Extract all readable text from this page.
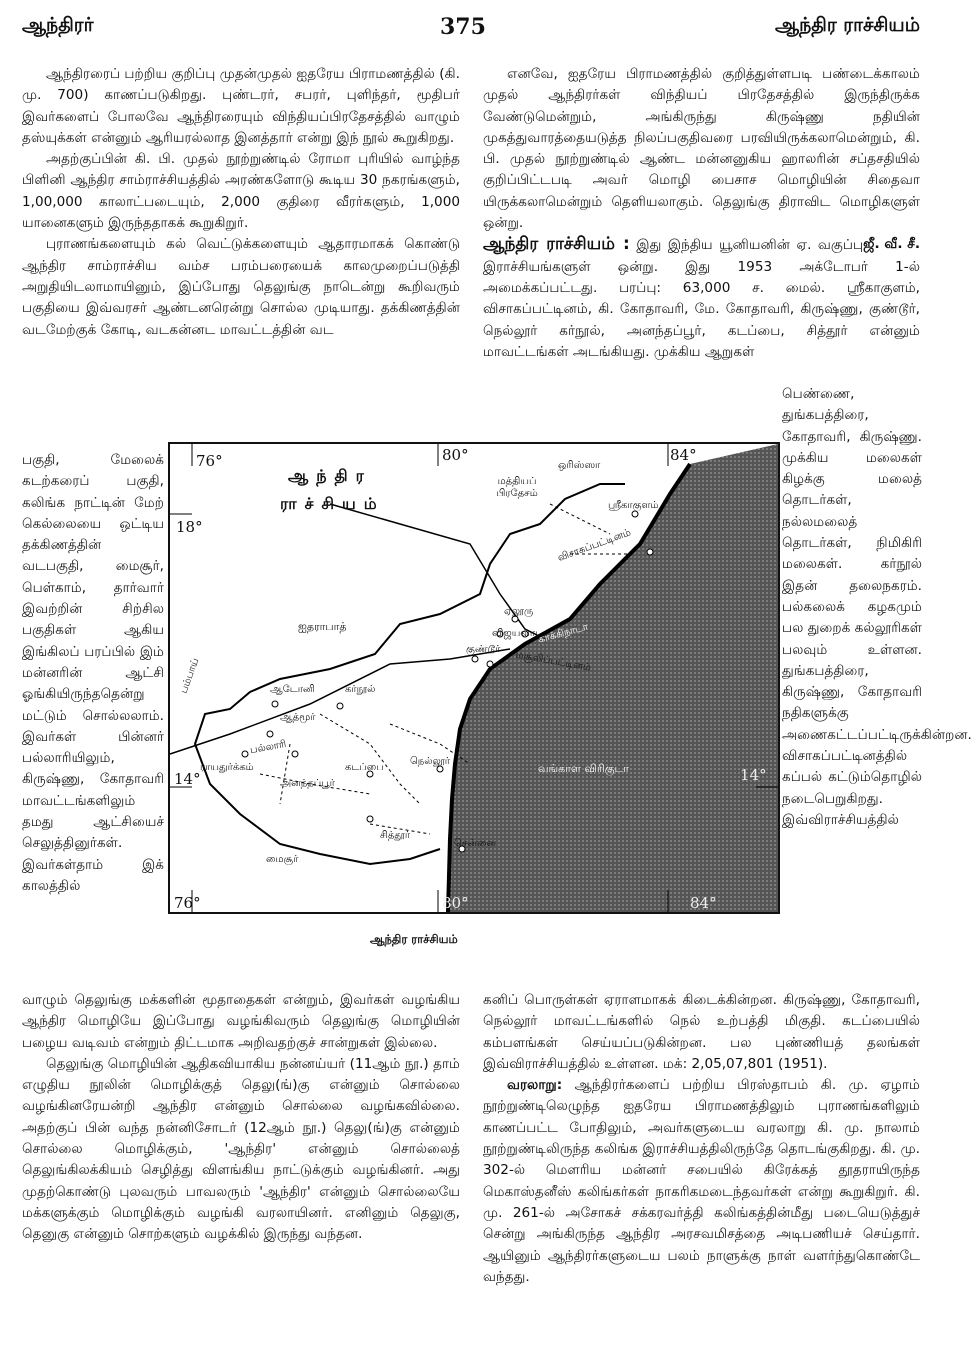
ஆந்திரர்	375	ஆந்திர ராச்சியம்

ஆந்திரரைப் பற்றிய குறிப்பு முதன்முதல் ஐதரேய பிராமணத்தில் (கி. மு. 700) காணப்படுகிறது. புண்டரர், சபரர், புளிந்தர், மூதிபர் இவர்களைப் போலவே ஆந்திரரையும் விந்தியப்பிரதேசத்தில் வாழும் தஸ்யுக்கள் என்னும் ஆரியரல்லாத இனத்தார் என்று இந் நூல் கூறுகிறது.

அதற்குப்பின் கி. பி. முதல் நூற்றுண்டில் ரோமா புரியில் வாழ்ந்த பிளினி ஆந்திர சாம்ராச்சியத்தில் அரண்களோடு கூடிய 30 நகரங்களும், 1,00,000 காலாட்படையும், 2,000 குதிரை வீரர்களும், 1,000 யானைகளும் இருந்ததாகக் கூறுகிறுர்.

புராணங்களையும் கல் வெட்டுக்களையும் ஆதாரமாகக் கொண்டு ஆந்திர சாம்ராச்சிய வம்ச பரம்பரையைக் காலமுறைப்படுத்தி அறுதியிடலாமாயினும், இப்போது தெலுங்கு நாடென்று கூறிவரும் பகுதியை இவ்வரசர் ஆண்டனரென்று சொல்ல முடியாது. தக்கிணத்தின் வடமேற்குக் கோடி, வடகன்னட மாவட்டத்தின் வட

பகுதி, மேலைக் கடற்கரைப் பகுதி, கலிங்க நாட்டின் மேற் கெல்லையை ஒட்டிய தக்கிணத்தின் வடபகுதி, மைசூர், பெள்காம், தார்வார் இவற்றின் சிற்சில பகுதிகள் ஆகிய இங்கிலப் பரப்பில் இம் மன்னரின் ஆட்சி ஓங்கியிருந்ததென்று மட்டும் சொல்லலாம். இவர்கள் பின்னர் பல்லாரியிலும், கிருஷ்ணு, கோதாவரி மாவட்டங்களிலும் தமது ஆட்சியைச் செலுத்தினுர்கள். இவர்கள்தாம் இக் காலத்தில்

எனவே, ஐதரேய பிராமணத்தில் குறித்துள்ளபடி பண்டைக்காலம் முதல் ஆந்திரர்கள் விந்தியப் பிரதேசத்தில் இருந்திருக்க வேண்டுமென்றும், அங்கிருந்து கிருஷ்ணு நதியின் முகத்துவாரத்தையடுத்த நிலப்பகுதிவரை பரவியிருக்கலாமென்றும், கி. பி. முதல் நூற்றுண்டில் ஆண்ட மன்னனுகிய ஹாலரின் சப்தசதியில் குறிப்பிட்டபடி அவர் மொழி பைசாச மொழியின் சிதைவா யிருக்கலாமென்றும் தெளியலாகும். தெலுங்கு திராவிட மொழிகளுள் ஒன்று.

ஜீ. வீ. சீ.

ஆந்திர ராச்சியம் : இது இந்திய யூனியனின் ஏ. வகுப்பு இராச்சியங்களுள் ஒன்று. இது 1953 அக்டோபர் 1-ல் அமைக்கப்பட்டது. பரப்பு: 63,000 ச. மைல். ஸ்ரீகாகுளம், விசாகப்பட்டினம், கி. கோதாவரி, மே. கோதாவரி, கிருஷ்ணு, குண்டூர், நெல்லூர் கர்நூல், அனந்தப்பூர், கடப்பை, சித்தூர் என்னும் மாவட்டங்கள் அடங்கியது. முக்கிய ஆறுகள்

பெண்ணை, துங்கபத்திரை, கோதாவரி, கிருஷ்ணு. முக்கிய மலைகள் கிழக்கு மலைத் தொடர்கள், நல்லமலைத் தொடர்கள், நிமிகிரி மலைகள். கர்நூல் இதன் தலைநகரம். பல்கலைக் கழகமும் பல துறைக் கல்லூரிகள் பலவும் உள்ளன. துங்கபத்திரை, கிருஷ்ணு, கோதாவரி நதிகளுக்கு அணைகட்டப்பட்டிருக்கின்றன. விசாகப்பட்டினத்தில் கப்பல் கட்டும்தொழில் நடைபெறுகிறது. இவ்விராச்சியத்தில்

ஆந்திர
ராச்சியம்
76°	80°	84°
18°
14°	14°
76°	80°	84°
ஒரிஸ்ஸா
மத்தியப் பிரதேசம்
ஸ்ரீகாகுளம்
விசாகப்பட்டினம்
ஐதராபாத்
ஏலூரு
காக்கிநாடா
விஜயவாடா
குண்டூர் மசூலிப்பட்டினம்
பம்பாய்	ஆடோனி	கர்நூல்
ஆத்மூர்
பல்லாரி
ராயதுர்க்கம்
அனந்தப்பூர்
கடப்பை
நெல்லூர்
வங்காள விரிகுடா
சித்தூர்
மைசூர்
சென்னை
ஆந்திர ராச்சியம்

வாழும் தெலுங்கு மக்களின் மூதாதைகள் என்றும், இவர்கள் வழங்கிய ஆந்திர மொழியே இப்போது வழங்கிவரும் தெலுங்கு மொழியின் பழைய வடிவம் என்றும் திட்டமாக அறிவதற்குச் சான்றுகள் இல்லை.

தெலுங்கு மொழியின் ஆதிகவியாகிய நன்னய்யர் (11ஆம் நூ.) தாம் எழுதிய நூலின் மொழிக்குத் தெலு(ங்)கு என்னும் சொல்லை வழங்கினரேயன்றி ஆந்திர என்னும் சொல்லை வழங்கவில்லை. அதற்குப் பின் வந்த நன்னிசோடர் (12ஆம் நூ.) தெலு(ங்)கு என்னும் சொல்லை மொழிக்கும், 'ஆந்திர' என்னும் சொல்லைத் தெலுங்கிலக்கியம் செழித்து விளங்கிய நாட்டுக்கும் வழங்கினர். அது முதற்கொண்டு புலவரும் பாவலரும் 'ஆந்திர' என்னும் சொல்லையே மக்களுக்கும் மொழிக்கும் வழங்கி வரலாயினர். எனினும் தெலுகு, தெனுகு என்னும் சொற்களும் வழக்கில் இருந்து வந்தன.

கனிப் பொருள்கள் ஏராளமாகக் கிடைக்கின்றன. கிருஷ்ணு, கோதாவரி, நெல்லூர் மாவட்டங்களில் நெல் உற்பத்தி மிகுதி. கடப்பையில் கம்பளங்கள் செய்யப்படுகின்றன. பல புண்ணியத் தலங்கள் இவ்விராச்சியத்தில் உள்ளன. மக்: 2,05,07,801 (1951).

வரலாறு: ஆந்திரர்களைப் பற்றிய பிரஸ்தாபம் கி. மு. ஏழாம் நூற்றுண்டிலெழுந்த ஐதரேய பிராமணத்திலும் புராணங்களிலும் காணப்பட்ட போதிலும், அவர்களுடைய வரலாறு கி. மு. நாலாம் நூற்றுண்டிலிருந்த கலிங்க இராச்சியத்திலிருந்தே தொடங்குகிறது. கி. மு. 302-ல் மௌரிய மன்னர் சபையில் கிரேக்கத் தூதராயிருந்த மெகாஸ்தனீஸ் கலிங்கர்கள் நாகரிகமடைந்தவர்கள் என்று கூறுகிறுர். கி. மு. 261-ல் அசோகச் சக்கரவர்த்தி கலிங்கத்தின்மீது படையெடுத்துச் சென்று அங்கிருந்த ஆந்திர அரசவமிசத்தை அடிபணியச் செய்தார். ஆயினும் ஆந்திரர்களுடைய பலம் நாளுக்கு நாள் வளர்ந்துகொண்டே வந்தது.
